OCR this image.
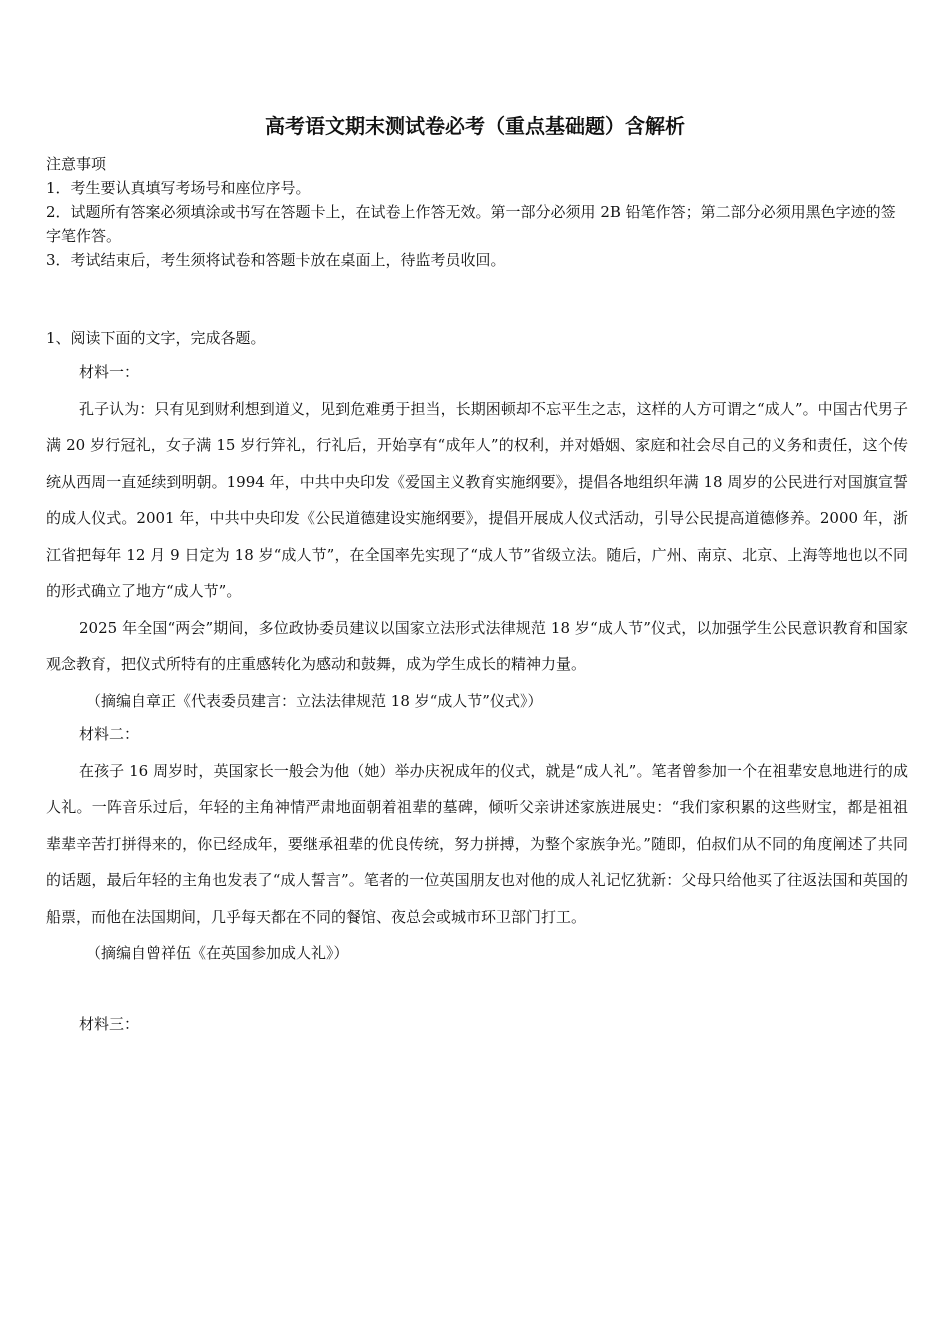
高考语文期末测试卷必考（重点基础题）含解析

注意事项

1．考生要认真填写考场号和座位序号。

2．试题所有答案必须填涂或书写在答题卡上，在试卷上作答无效。第一部分必须用 2B 铅笔作答；第二部分必须用黑色字迹的签字笔作答。

3．考试结束后，考生须将试卷和答题卡放在桌面上，待监考员收回。

1、阅读下面的文字，完成各题。

材料一：

孔子认为：只有见到财利想到道义，见到危难勇于担当，长期困顿却不忘平生之志，这样的人方可谓之“成人”。中国古代男子满 20 岁行冠礼，女子满 15 岁行笄礼，行礼后，开始享有“成年人”的权利，并对婚姻、家庭和社会尽自己的义务和责任，这个传统从西周一直延续到明朝。1994 年，中共中央印发《爱国主义教育实施纲要》，提倡各地组织年满 18 周岁的公民进行对国旗宣誓的成人仪式。2001 年，中共中央印发《公民道德建设实施纲要》，提倡开展成人仪式活动，引导公民提高道德修养。2000 年，浙江省把每年 12 月 9 日定为 18 岁“成人节”，在全国率先实现了“成人节”省级立法。随后，广州、南京、北京、上海等地也以不同的形式确立了地方“成人节”。

2025 年全国“两会”期间，多位政协委员建议以国家立法形式法律规范 18 岁“成人节”仪式，以加强学生公民意识教育和国家观念教育，把仪式所特有的庄重感转化为感动和鼓舞，成为学生成长的精神力量。

（摘编自章正《代表委员建言：立法法律规范 18 岁“成人节”仪式》）

材料二：

在孩子 16 周岁时，英国家长一般会为他（她）举办庆祝成年的仪式，就是“成人礼”。笔者曾参加一个在祖辈安息地进行的成人礼。一阵音乐过后，年轻的主角神情严肃地面朝着祖辈的墓碑，倾听父亲讲述家族进展史：“我们家积累的这些财宝，都是祖祖辈辈辛苦打拼得来的，你已经成年，要继承祖辈的优良传统，努力拼搏，为整个家族争光。”随即，伯叔们从不同的角度阐述了共同的话题，最后年轻的主角也发表了“成人誓言”。笔者的一位英国朋友也对他的成人礼记忆犹新：父母只给他买了往返法国和英国的船票，而他在法国期间，几乎每天都在不同的餐馆、夜总会或城市环卫部门打工。

（摘编自曾祥伍《在英国参加成人礼》）

材料三：
